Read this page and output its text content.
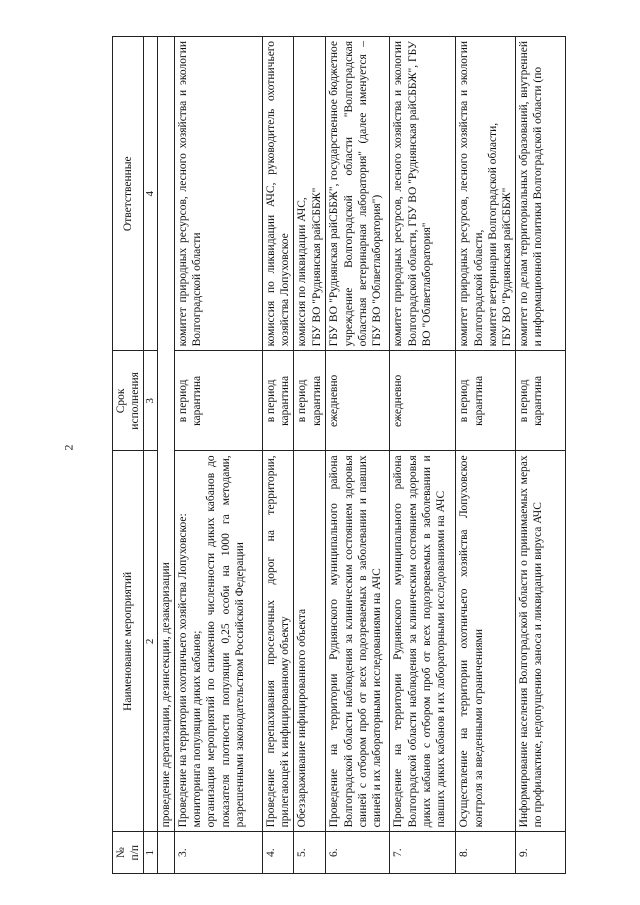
2
№
п/п	Наименование мероприятий	Срок
исполнения	Ответственные
1	2	3	4
	проведение дератизации, дезинсекции, дезакаризации		
3.	Проведение на территории охотничьего хозяйства Лопуховское:
мониторинга популяции диких кабанов;
организация мероприятий по снижению численности диких кабанов до показателя плотности популяции 0,25 особи на 1000 га методами, разрешенными законодательством Российской Федерации	в период карантина	комитет природных ресурсов, лесного хозяйства и экологии Волгоградской области
4.	Проведение перепахивания проселочных дорог на территории, прилегающей к инфицированному объекту	в период карантина	комиссия по ликвидации АЧС, руководитель охотничьего хозяйства Лопуховское
5.	Обеззараживание инфицированного объекта	в период карантина	комиссия по ликвидации АЧС,
ГБУ ВО "Руднянская райСББЖ"
6.	Проведение на территории Руднянского муниципального района Волгоградской области наблюдения за клиническим состоянием здоровья свиней с отбором проб от всех подозреваемых в заболевании и павших свиней и их лабораторными исследованиями на АЧС	ежедневно	ГБУ ВО "Руднянская райСББЖ", государственное бюджетное учреждение Волгоградской области "Волгоградская областная ветеринарная лаборатория" (далее именуется – ГБУ ВО "Облветлаборатория")
7.	Проведение на территории Руднянского муниципального района Волгоградской области наблюдения за клиническим состоянием здоровья диких кабанов с отбором проб от всех подозреваемых в заболевании и павших диких кабанов и их лабораторными исследованиями на АЧС	ежедневно	комитет природных ресурсов, лесного хозяйства и экологии Волгоградской области, ГБУ ВО "Руднянская райСББЖ", ГБУ ВО "Облветлаборатория"
8.	Осуществление на территории охотничьего хозяйства Лопуховское контроля за введенными ограничениями	в период карантина	комитет природных ресурсов, лесного хозяйства и экологии Волгоградской области,
комитет ветеринарии Волгоградской области,
ГБУ ВО "Руднянская райСББЖ"
9.	Информирование населения Волгоградской области о принимаемых мерах по профилактике, недопущению заноса и ликвидации вируса АЧС	в период карантина	комитет по делам территориальных образований, внутренней и информационной политики Волгоградской области (по
